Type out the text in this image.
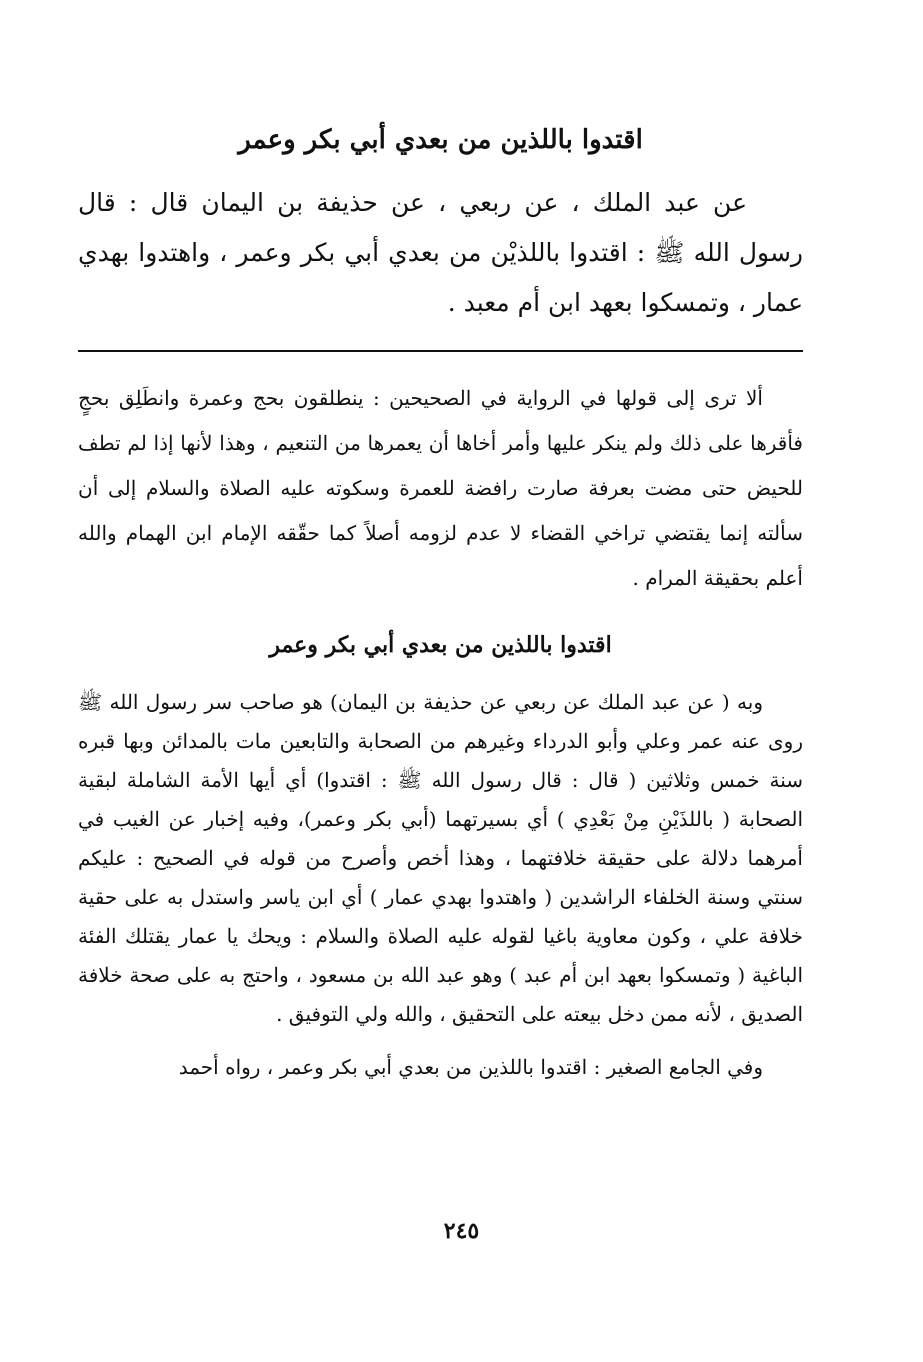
اقتدوا باللذين من بعدي أبي بكر وعمر

عن عبد الملك ، عن ربعي ، عن حذيفة بن اليمان قال : قال رسول الله ﷺ : اقتدوا باللذيْن من بعدي أبي بكر وعمر ، واهتدوا بهدي عمار ، وتمسكوا بعهد ابن أم معبد .

ألا ترى إلى قولها في الرواية في الصحيحين : ينطلقون بحج وعمرة وانطَلِق بحجٍ فأقرها على ذلك ولم ينكر عليها وأمر أخاها أن يعمرها من التنعيم ، وهذا لأنها إذا لم تطف للحيض حتى مضت بعرفة صارت رافضة للعمرة وسكوته عليه الصلاة والسلام إلى أن سألته إنما يقتضي تراخي القضاء لا عدم لزومه أصلاً كما حقّقه الإمام ابن الهمام والله أعلم بحقيقة المرام .

اقتدوا باللذين من بعدي أبي بكر وعمر

وبه ( عن عبد الملك عن ربعي عن حذيفة بن اليمان) هو صاحب سر رسول الله ﷺ روى عنه عمر وعلي وأبو الدرداء وغيرهم من الصحابة والتابعين مات بالمدائن وبها قبره سنة خمس وثلاثين ( قال : قال رسول الله ﷺ : اقتدوا) أي أيها الأمة الشاملة لبقية الصحابة ( باللذَيْنِ مِنْ بَعْدِي ) أي بسيرتهما (أبي بكر وعمر)، وفيه إخبار عن الغيب في أمرهما دلالة على حقيقة خلافتهما ، وهذا أخص وأصرح من قوله في الصحيح : عليكم سنتي وسنة الخلفاء الراشدين ( واهتدوا بهدي عمار ) أي ابن ياسر واستدل به على حقية خلافة علي ، وكون معاوية باغيا لقوله عليه الصلاة والسلام : ويحك يا عمار يقتلك الفئة الباغية ( وتمسكوا بعهد ابن أم عبد ) وهو عبد الله بن مسعود ، واحتج به على صحة خلافة الصديق ، لأنه ممن دخل بيعته على التحقيق ، والله ولي التوفيق .

وفي الجامع الصغير : اقتدوا باللذين من بعدي أبي بكر وعمر ، رواه أحمد

٢٤٥
